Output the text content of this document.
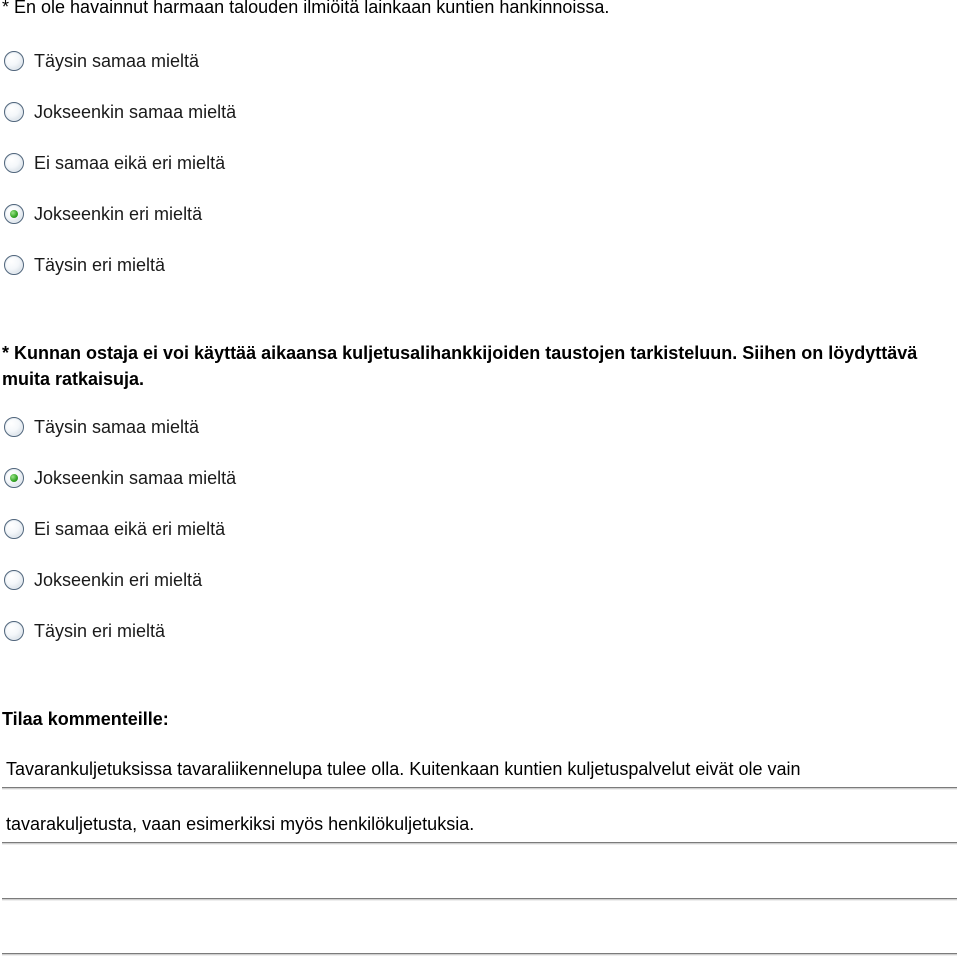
* En ole havainnut harmaan talouden ilmiöitä lainkaan kuntien hankinnoissa.
Täysin samaa mieltä
Jokseenkin samaa mieltä
Ei samaa eikä eri mieltä
Jokseenkin eri mieltä
Täysin eri mieltä
* Kunnan ostaja ei voi käyttää aikaansa kuljetusalihankkijoiden taustojen tarkisteluun. Siihen on löydyttävä muita ratkaisuja.
Täysin samaa mieltä
Jokseenkin samaa mieltä
Ei samaa eikä eri mieltä
Jokseenkin eri mieltä
Täysin eri mieltä
Tilaa kommenteille:
Tavarankuljetuksissa tavaraliikennelupa tulee olla. Kuitenkaan kuntien kuljetuspalvelut eivät ole vain
tavarakuljetusta, vaan esimerkiksi myös henkilökuljetuksia.
